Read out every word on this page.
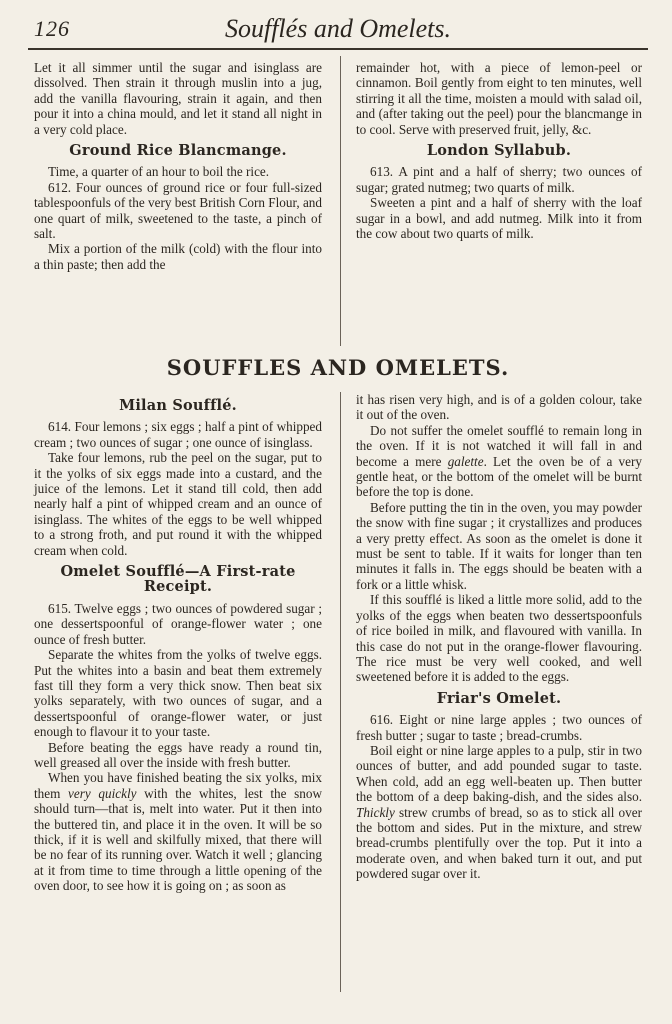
126	Soufflés and Omelets.

Let it all simmer until the sugar and isinglass are dissolved. Then strain it through muslin into a jug, add the vanilla flavouring, strain it again, and then pour it into a china mould, and let it stand all night in a very cold place.

Ground Rice Blancmange.

Time, a quarter of an hour to boil the rice.

612. Four ounces of ground rice or four full-sized tablespoonfuls of the very best British Corn Flour, and one quart of milk, sweetened to the taste, a pinch of salt.

Mix a portion of the milk (cold) with the flour into a thin paste; then add the

remainder hot, with a piece of lemon-peel or cinnamon. Boil gently from eight to ten minutes, well stirring it all the time, moisten a mould with salad oil, and (after taking out the peel) pour the blancmange in to cool. Serve with preserved fruit, jelly, &c.

London Syllabub.

613. A pint and a half of sherry; two ounces of sugar; grated nutmeg; two quarts of milk.

Sweeten a pint and a half of sherry with the loaf sugar in a bowl, and add nutmeg. Milk into it from the cow about two quarts of milk.

SOUFFLES AND OMELETS.
Milan Soufflé.

614. Four lemons ; six eggs ; half a pint of whipped cream ; two ounces of sugar ; one ounce of isinglass.

Take four lemons, rub the peel on the sugar, put to it the yolks of six eggs made into a custard, and the juice of the lemons. Let it stand till cold, then add nearly half a pint of whipped cream and an ounce of isinglass. The whites of the eggs to be well whipped to a strong froth, and put round it with the whipped cream when cold.

Omelet Soufflé—A First-rate Receipt.

615. Twelve eggs ; two ounces of powdered sugar ; one dessertspoonful of orange-flower water ; one ounce of fresh butter.

Separate the whites from the yolks of twelve eggs. Put the whites into a basin and beat them extremely fast till they form a very thick snow. Then beat six yolks separately, with two ounces of sugar, and a dessertspoonful of orange-flower water, or just enough to flavour it to your taste.

Before beating the eggs have ready a round tin, well greased all over the inside with fresh butter.

When you have finished beating the six yolks, mix them very quickly with the whites, lest the snow should turn—that is, melt into water. Put it then into the buttered tin, and place it in the oven. It will be so thick, if it is well and skilfully mixed, that there will be no fear of its running over. Watch it well ; glancing at it from time to time through a little opening of the oven door, to see how it is going on ; as soon as

it has risen very high, and is of a golden colour, take it out of the oven.

Do not suffer the omelet soufflé to remain long in the oven. If it is not watched it will fall in and become a mere galette. Let the oven be of a very gentle heat, or the bottom of the omelet will be burnt before the top is done.

Before putting the tin in the oven, you may powder the snow with fine sugar ; it crystallizes and produces a very pretty effect. As soon as the omelet is done it must be sent to table. If it waits for longer than ten minutes it falls in. The eggs should be beaten with a fork or a little whisk.

If this soufflé is liked a little more solid, add to the yolks of the eggs when beaten two dessertspoonfuls of rice boiled in milk, and flavoured with vanilla. In this case do not put in the orange-flower flavouring. The rice must be very well cooked, and well sweetened before it is added to the eggs.

Friar's Omelet.

616. Eight or nine large apples ; two ounces of fresh butter ; sugar to taste ; bread-crumbs.

Boil eight or nine large apples to a pulp, stir in two ounces of butter, and add pounded sugar to taste. When cold, add an egg well-beaten up. Then butter the bottom of a deep baking-dish, and the sides also. Thickly strew crumbs of bread, so as to stick all over the bottom and sides. Put in the mixture, and strew bread-crumbs plentifully over the top. Put it into a moderate oven, and when baked turn it out, and put powdered sugar over it.
